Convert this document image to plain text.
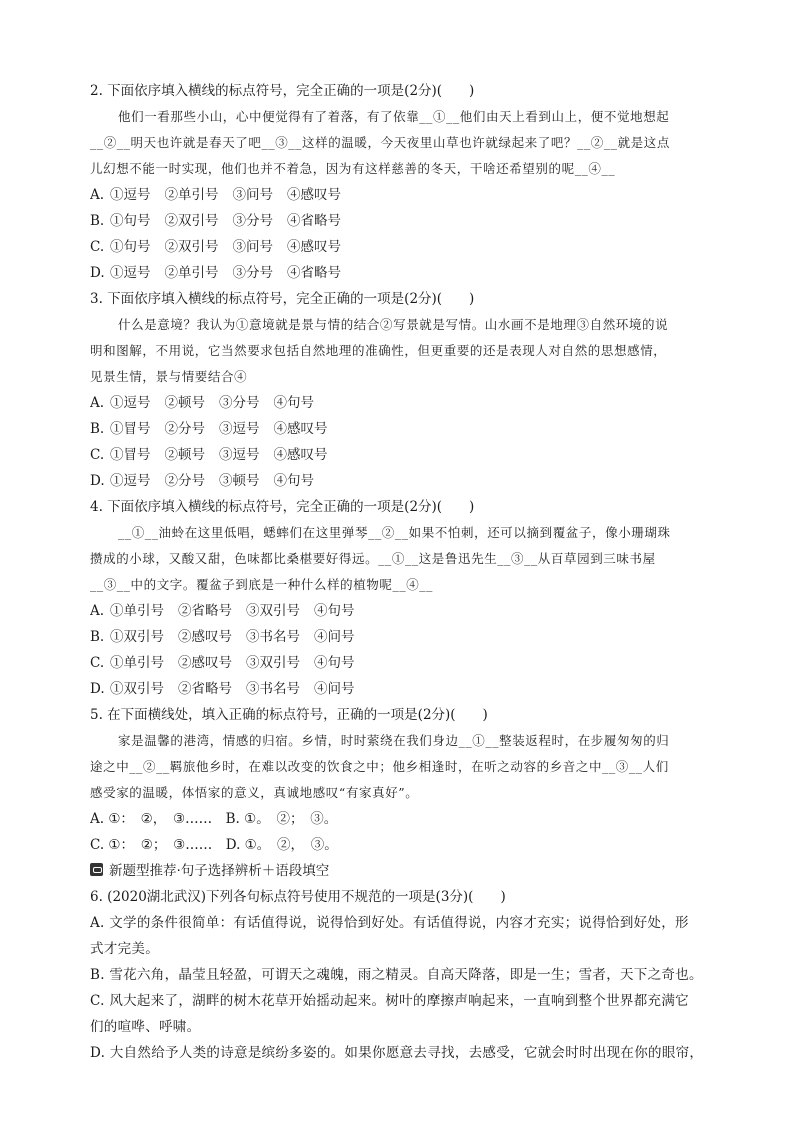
2. 下面依序填入横线的标点符号，完全正确的一项是(2分)(　　)

他们一看那些小山，心中便觉得有了着落，有了依靠__①__他们由天上看到山上，便不觉地想起
__②__明天也许就是春天了吧__③__这样的温暖，今天夜里山草也许就绿起来了吧？__②__就是这点
儿幻想不能一时实现，他们也并不着急，因为有这样慈善的冬天，干啥还希望别的呢__④__

A. ①逗号 ②单引号 ③问号 ④感叹号

B. ①句号 ②双引号 ③分号 ④省略号

C. ①句号 ②双引号 ③问号 ④感叹号

D. ①逗号 ②单引号 ③分号 ④省略号

3. 下面依序填入横线的标点符号，完全正确的一项是(2分)(　　)

什么是意境？我认为①意境就是景与情的结合②写景就是写情。山水画不是地理③自然环境的说
明和图解，不用说，它当然要求包括自然地理的准确性，但更重要的还是表现人对自然的思想感情，
见景生情，景与情要结合④

A. ①逗号 ②顿号 ③分号 ④句号

B. ①冒号 ②分号 ③逗号 ④感叹号

C. ①冒号 ②顿号 ③逗号 ④感叹号

D. ①逗号 ②分号 ③顿号 ④句号

4. 下面依序填入横线的标点符号，完全正确的一项是(2分)(　　)

__①__油蛉在这里低唱，蟋蟀们在这里弹琴__②__如果不怕刺，还可以摘到覆盆子，像小珊瑚珠
攒成的小球，又酸又甜，色味都比桑椹要好得远。__①__这是鲁迅先生__③__从百草园到三味书屋
__③__中的文字。覆盆子到底是一种什么样的植物呢__④__

A. ①单引号 ②省略号 ③双引号 ④句号

B. ①双引号 ②感叹号 ③书名号 ④问号

C. ①单引号 ②感叹号 ③双引号 ④句号

D. ①双引号 ②省略号 ③书名号 ④问号

5. 在下面横线处，填入正确的标点符号，正确的一项是(2分)(　　)

家是温馨的港湾，情感的归宿。乡情，时时萦绕在我们身边__①__整装返程时，在步履匆匆的归
途之中__②__羁旅他乡时，在难以改变的饮食之中；他乡相逢时，在听之动容的乡音之中__③__人们
感受家的温暖，体悟家的意义，真诚地感叹“有家真好”。

A. ①：　②，　③……　B. ①。　②；　③。

C. ①：　②；　③……　D. ①。　②，　③。

新题型推荐·句子选择辨析＋语段填空

6. (2020湖北武汉)下列各句标点符号使用不规范的一项是(3分)(　　)

A. 文学的条件很简单：有话值得说，说得恰到好处。有话值得说，内容才充实；说得恰到好处，形
式才完美。
B. 雪花六角，晶莹且轻盈，可谓天之魂魄，雨之精灵。自高天降落，即是一生；雪者，天下之奇也。
C. 风大起来了，湖畔的树木花草开始摇动起来。树叶的摩擦声响起来，一直响到整个世界都充满它
们的喧哗、呼啸。
D. 大自然给予人类的诗意是缤纷多姿的。如果你愿意去寻找，去感受，它就会时时出现在你的眼帘，
